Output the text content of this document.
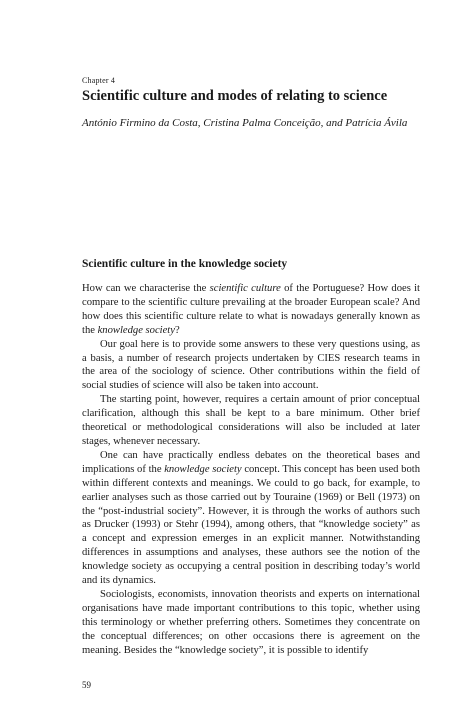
Chapter 4
Scientific culture and modes of relating to science
António Firmino da Costa, Cristina Palma Conceição, and Patrícia Ávila
Scientific culture in the knowledge society

How can we characterise the scientific culture of the Portuguese? How does it compare to the scientific culture prevailing at the broader European scale? And how does this scientific culture relate to what is nowadays generally known as the knowledge society?

Our goal here is to provide some answers to these very questions using, as a basis, a number of research projects undertaken by CIES research teams in the area of the sociology of science. Other contributions within the field of social studies of science will also be taken into account.

The starting point, however, requires a certain amount of prior conceptual clarification, although this shall be kept to a bare minimum. Other brief theoretical or methodological considerations will also be included at later stages, whenever necessary.

One can have practically endless debates on the theoretical bases and implications of the knowledge society concept. This concept has been used both within different contexts and meanings. We could to go back, for example, to earlier analyses such as those carried out by Touraine (1969) or Bell (1973) on the “post-industrial society”. However, it is through the works of authors such as Drucker (1993) or Stehr (1994), among others, that “knowledge society” as a concept and expression emerges in an explicit manner. Notwithstanding differences in assumptions and analyses, these authors see the notion of the knowledge society as occupying a central position in describing today’s world and its dynamics.

Sociologists, economists, innovation theorists and experts on international organisations have made important contributions to this topic, whether using this terminology or whether preferring others. Sometimes they concentrate on the conceptual differences; on other occasions there is agreement on the meaning. Besides the “knowledge society”, it is possible to identify

59
